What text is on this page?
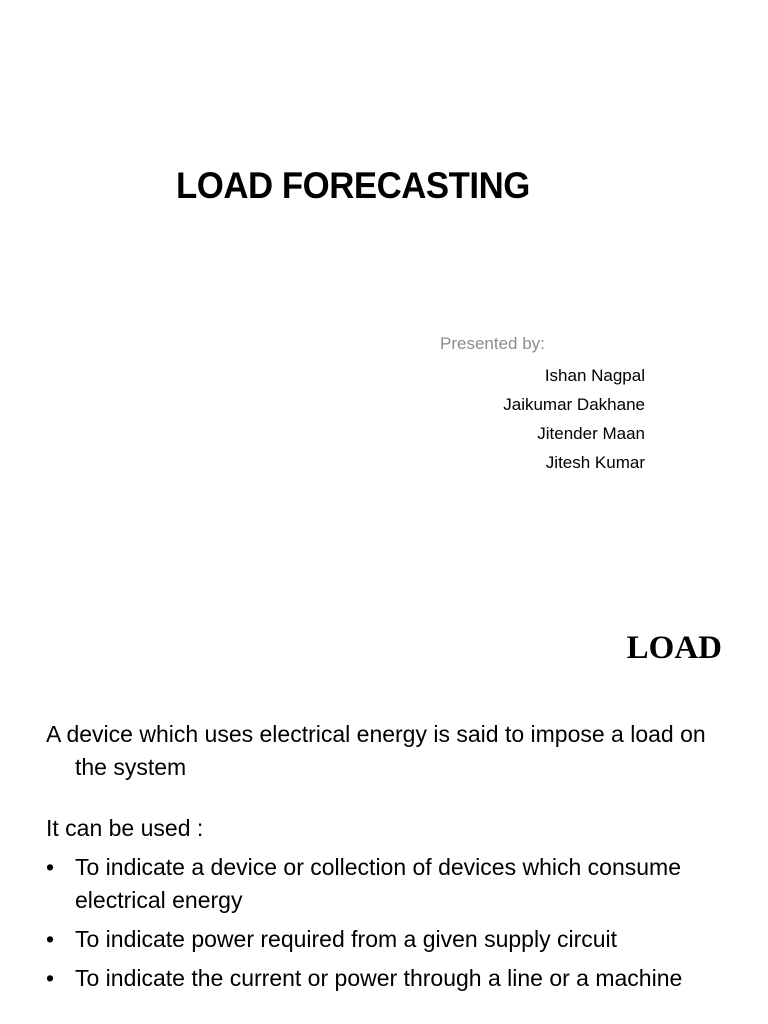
LOAD FORECASTING
Presented by:
Ishan Nagpal
Jaikumar Dakhane
Jitender Maan
Jitesh Kumar
LOAD

A device which uses electrical energy is said to impose a load on the system

It can be used :

• To indicate a device or collection of devices which consume electrical energy
• To indicate power required from a given supply circuit
• To indicate the current or power through a line or a machine
